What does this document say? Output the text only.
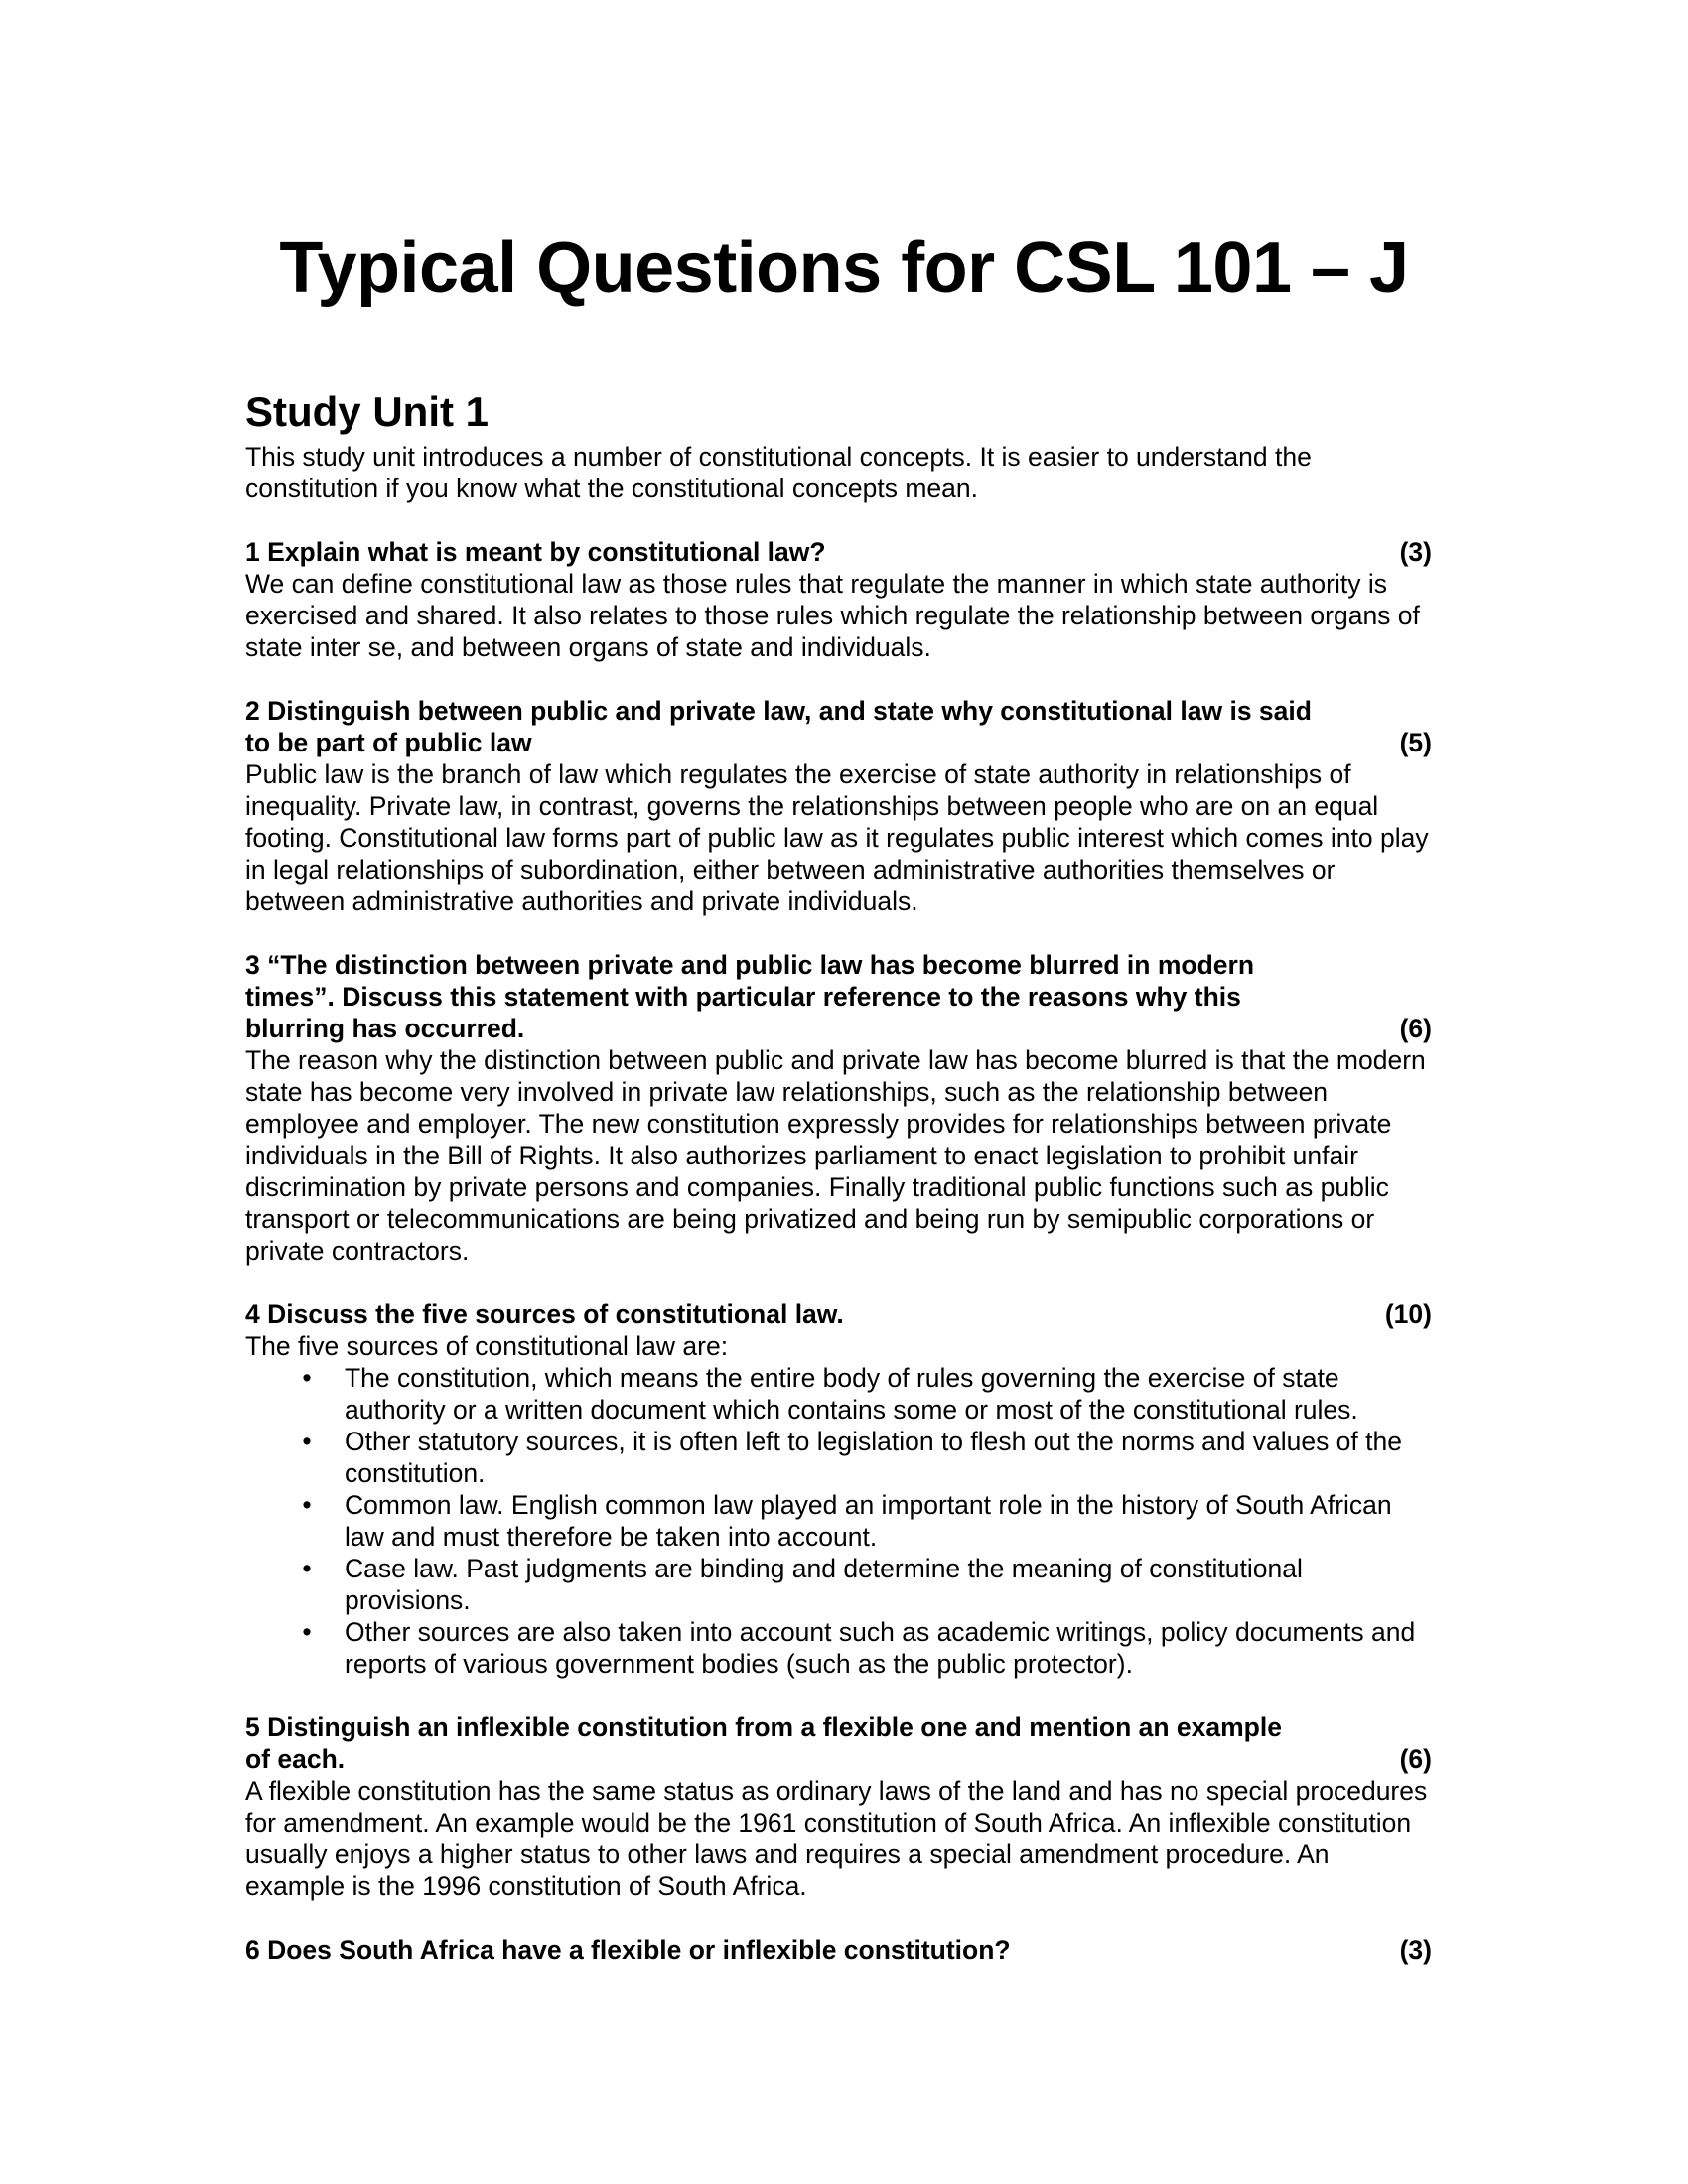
Typical Questions for CSL 101 – J
Study Unit 1

This study unit introduces a number of constitutional concepts. It is easier to understand the constitution if you know what the constitutional concepts mean.

1 Explain what is meant by constitutional law?	(3)

We can define constitutional law as those rules that regulate the manner in which state authority is exercised and shared. It also relates to those rules which regulate the relationship between organs of state inter se, and between organs of state and individuals.

2 Distinguish between public and private law, and state why constitutional law is said

to be part of public law	(5)

Public law is the branch of law which regulates the exercise of state authority in relationships of inequality. Private law, in contrast, governs the relationships between people who are on an equal footing. Constitutional law forms part of public law as it regulates public interest which comes into play in legal relationships of subordination, either between administrative authorities themselves or between administrative authorities and private individuals.

3 “The distinction between private and public law has become blurred in modern

times”. Discuss this statement with particular reference to the reasons why this

blurring has occurred.	(6)

The reason why the distinction between public and private law has become blurred is that the modern state has become very involved in private law relationships, such as the relationship between employee and employer. The new constitution expressly provides for relationships between private individuals in the Bill of Rights. It also authorizes parliament to enact legislation to prohibit unfair discrimination by private persons and companies. Finally traditional public functions such as public transport or telecommunications are being privatized and being run by semipublic corporations or private contractors.

4 Discuss the five sources of constitutional law.	(10)

The five sources of constitutional law are:

• The constitution, which means the entire body of rules governing the exercise of state authority or a written document which contains some or most of the constitutional rules.
• Other statutory sources, it is often left to legislation to flesh out the norms and values of the constitution.
• Common law. English common law played an important role in the history of South African law and must therefore be taken into account.
• Case law. Past judgments are binding and determine the meaning of constitutional provisions.
• Other sources are also taken into account such as academic writings, policy documents and reports of various government bodies (such as the public protector).

5 Distinguish an inflexible constitution from a flexible one and mention an example

of each.	(6)

A flexible constitution has the same status as ordinary laws of the land and has no special procedures for amendment. An example would be the 1961 constitution of South Africa. An inflexible constitution usually enjoys a higher status to other laws and requires a special amendment procedure. An example is the 1996 constitution of South Africa.

6 Does South Africa have a flexible or inflexible constitution?	(3)
